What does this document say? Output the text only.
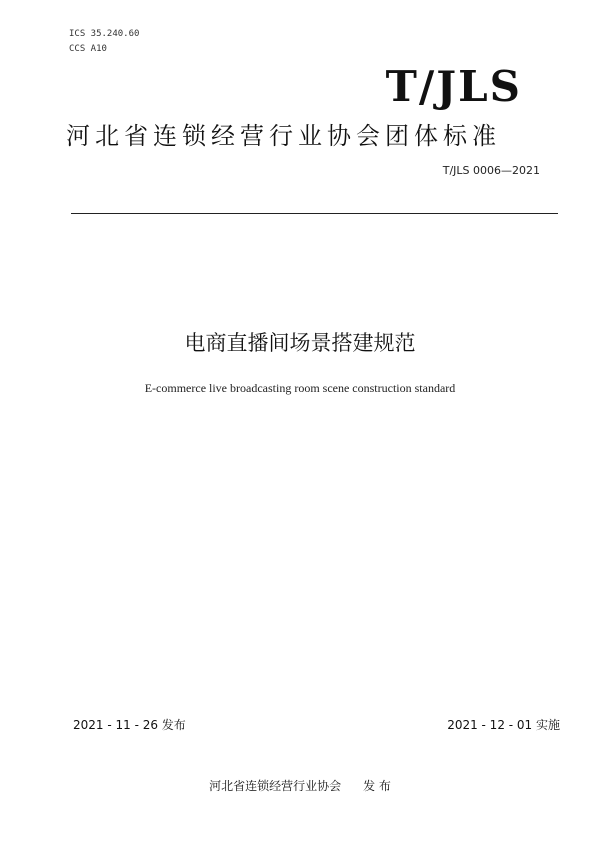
ICS 35.240.60
CCS A10
T/JLS
河北省连锁经营行业协会团体标准
T/JLS 0006—2021
电商直播间场景搭建规范
E-commerce live broadcasting room scene construction standard
2021 - 11 - 26 发布	2021 - 12 - 01 实施
河北省连锁经营行业协会 发 布
